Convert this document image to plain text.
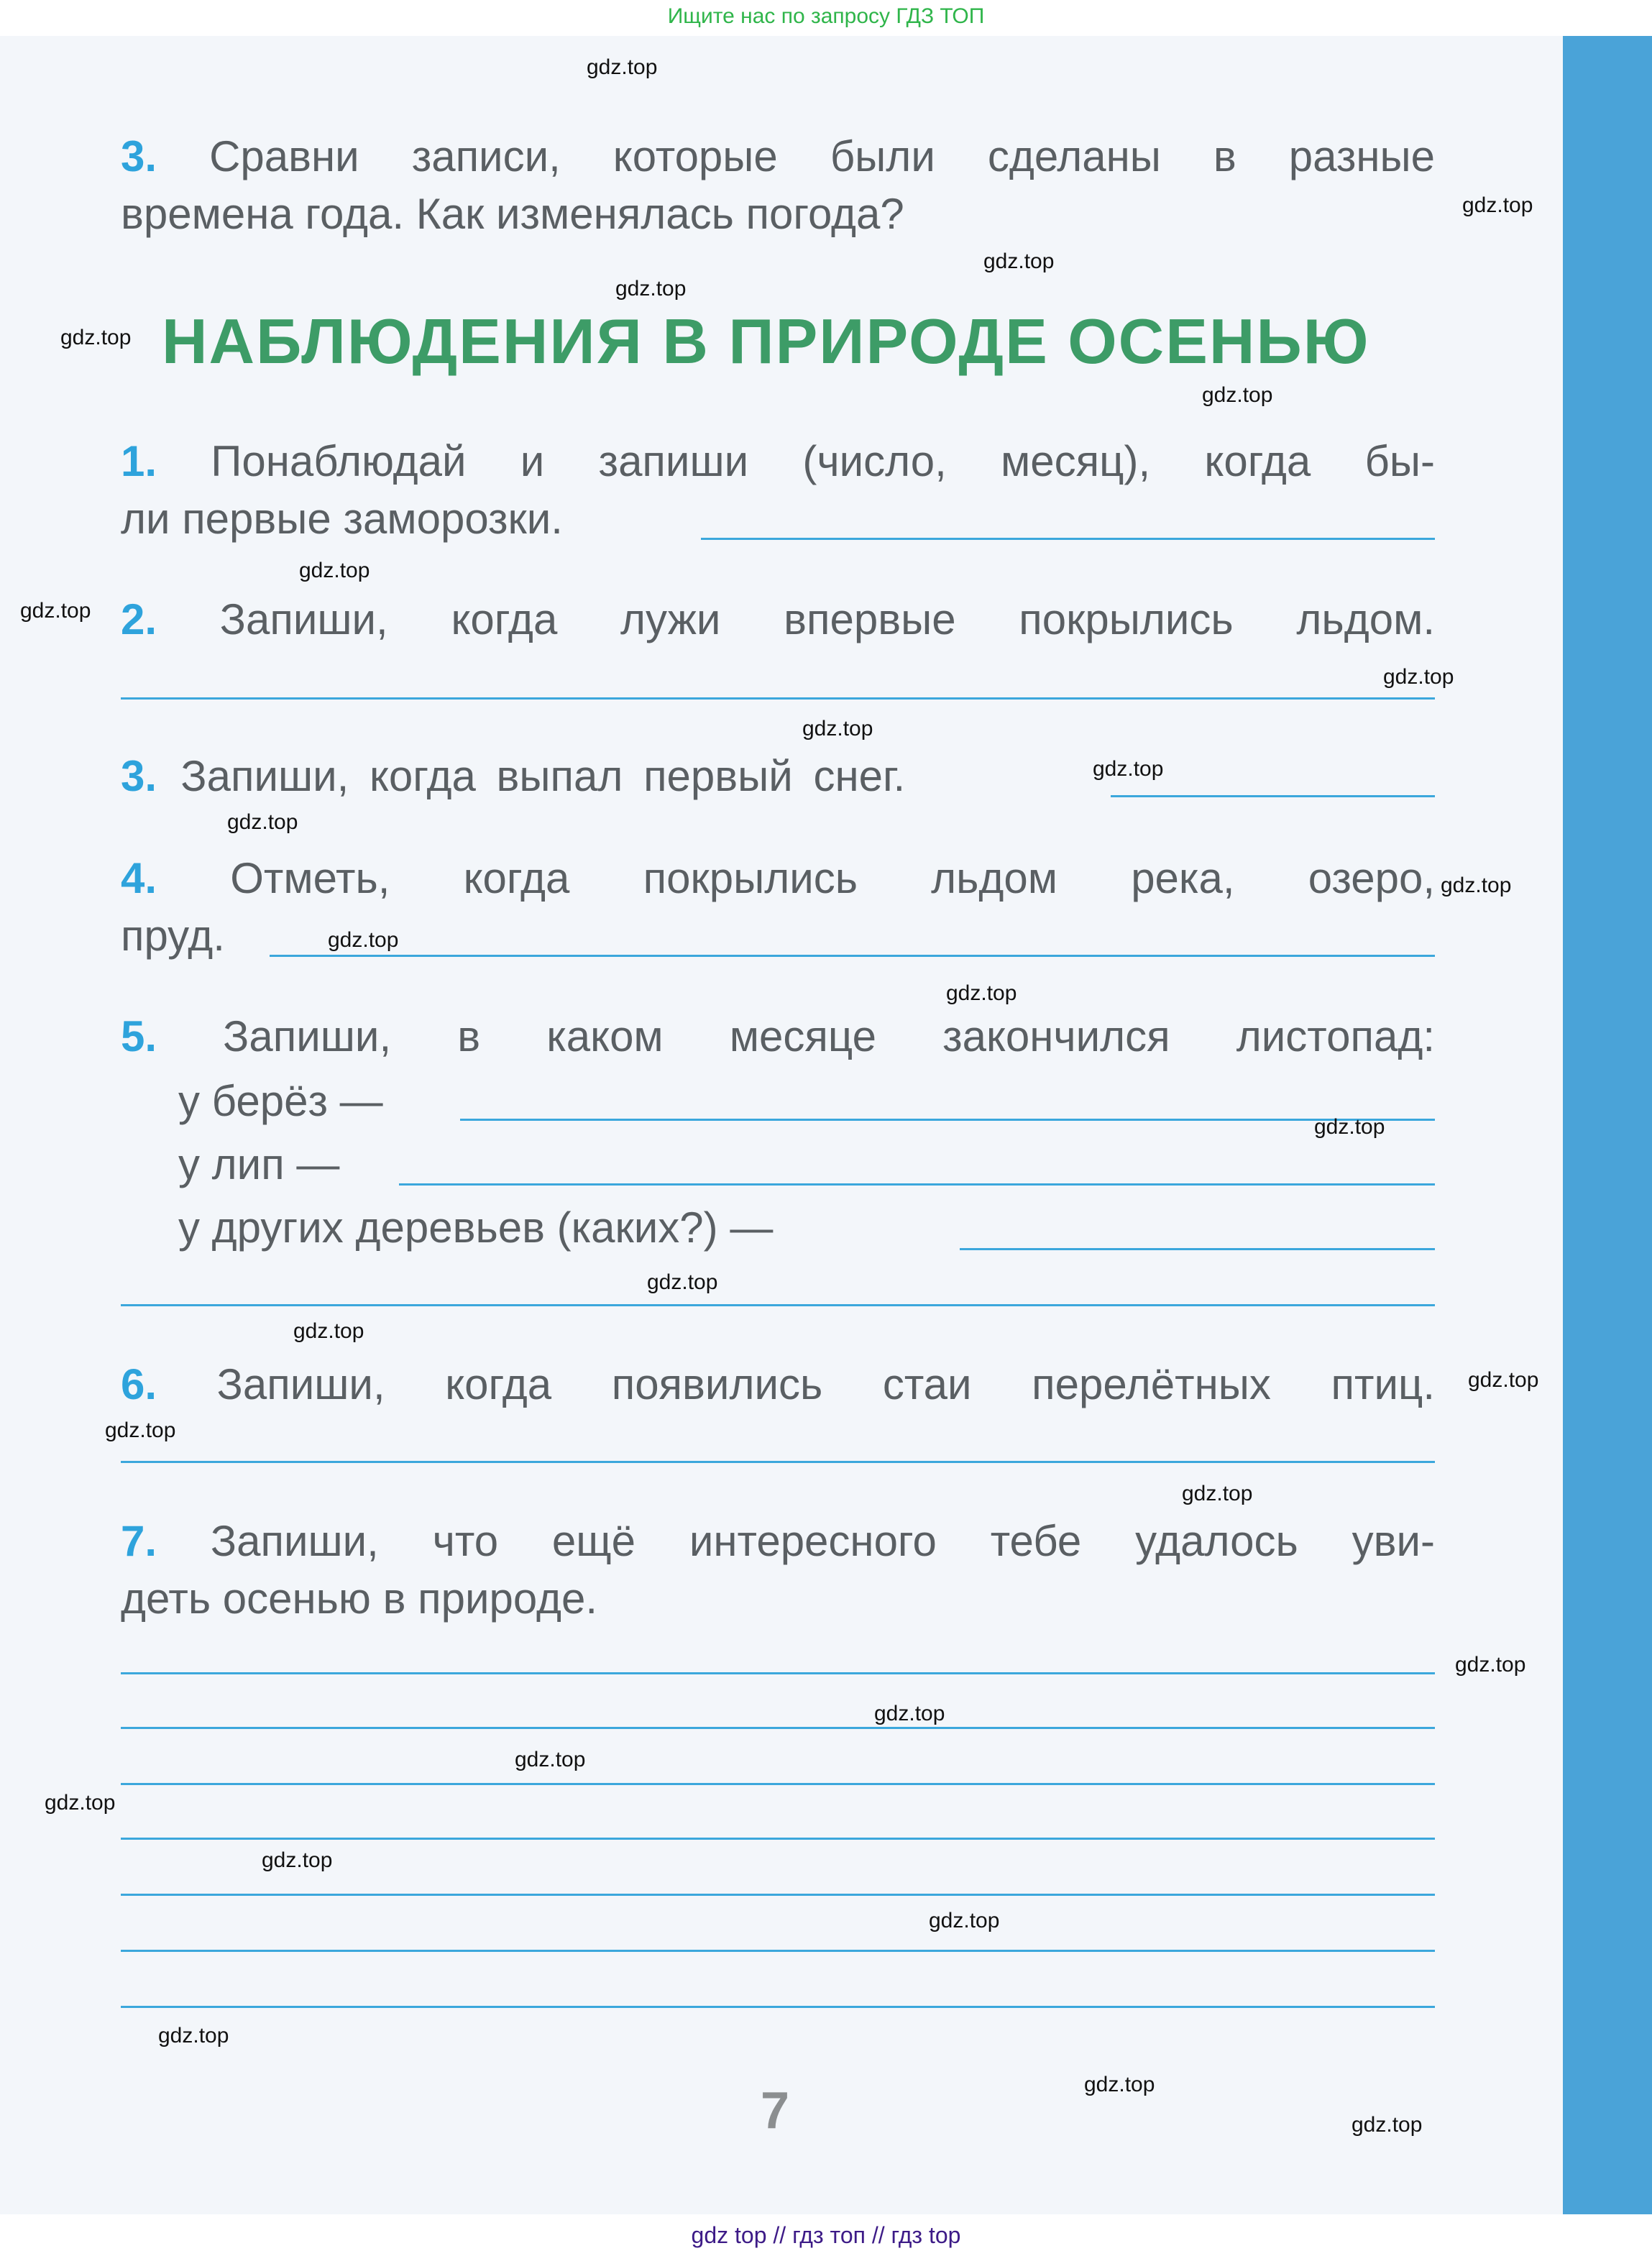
Ищите нас по запросу ГДЗ ТОП
3. Сравни записи, которые были сделаны в разные
времена года. Как изменялась погода?
НАБЛЮДЕНИЯ В ПРИРОДЕ ОСЕНЬЮ
1. Понаблюдай и запиши (число, месяц), когда бы-
ли первые заморозки.
2. Запиши, когда лужи впервые покрылись льдом.
3. Запиши, когда выпал первый снег.
4. Отметь, когда покрылись льдом река, озеро,
пруд.
5. Запиши, в каком месяце закончился листопад:
у берёз —
у лип —
у других деревьев (каких?) —
6. Запиши, когда появились стаи перелётных птиц.
7. Запиши, что ещё интересного тебе удалось уви-
деть осенью в природе.
7
gdz.top
gdz.top
gdz.top
gdz.top
gdz.top
gdz.top
gdz.top
gdz.top
gdz.top
gdz.top
gdz.top
gdz.top
gdz.top
gdz.top
gdz.top
gdz.top
gdz.top
gdz.top
gdz.top
gdz.top
gdz.top
gdz.top
gdz.top
gdz.top
gdz.top
gdz.top
gdz.top
gdz.top
gdz.top
gdz.top
gdz top // гдз топ // гдз top
